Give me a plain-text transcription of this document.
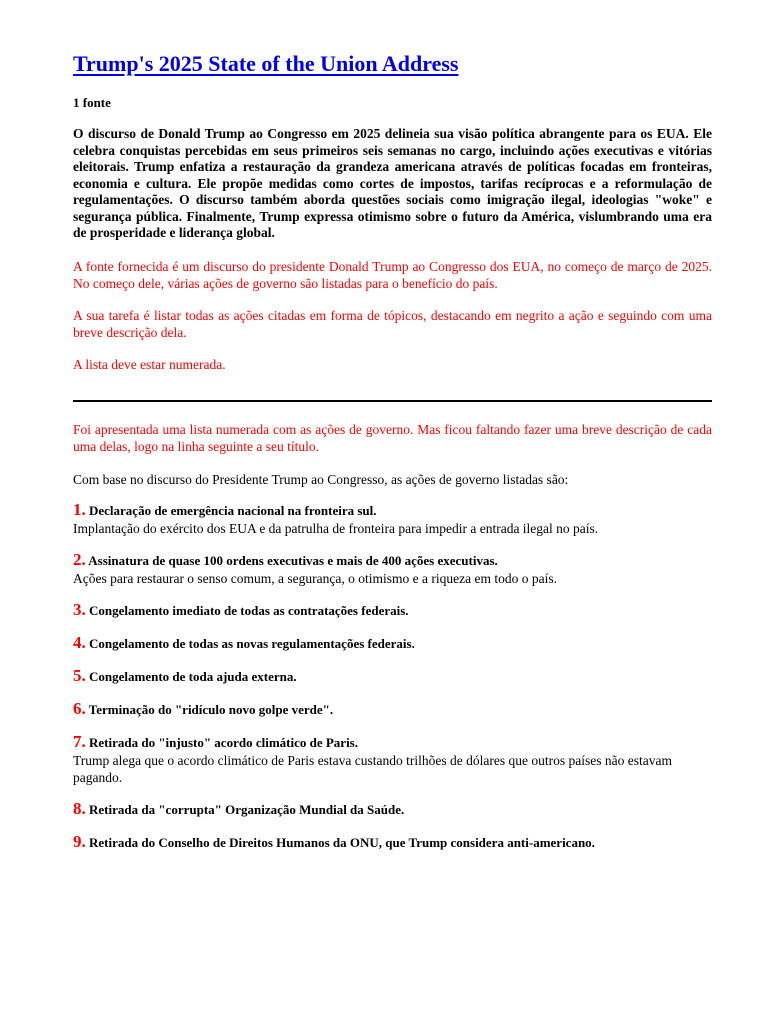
Trump's 2025 State of the Union Address
1 fonte
O discurso de Donald Trump ao Congresso em 2025 delineia sua visão política abrangente para os EUA. Ele celebra conquistas percebidas em seus primeiros seis semanas no cargo, incluindo ações executivas e vitórias eleitorais. Trump enfatiza a restauração da grandeza americana através de políticas focadas em fronteiras, economia e cultura. Ele propõe medidas como cortes de impostos, tarifas recíprocas e a reformulação de regulamentações. O discurso também aborda questões sociais como imigração ilegal, ideologias "woke" e segurança pública. Finalmente, Trump expressa otimismo sobre o futuro da América, vislumbrando uma era de prosperidade e liderança global.
A fonte fornecida é um discurso do presidente Donald Trump ao Congresso dos EUA, no começo de março de 2025. No começo dele, várias ações de governo são listadas para o benefício do país.
A sua tarefa é listar todas as ações citadas em forma de tópicos, destacando em negrito a ação e seguindo com uma breve descrição dela.
A lista deve estar numerada.
Foi apresentada uma lista numerada com as ações de governo. Mas ficou faltando fazer uma breve descrição de cada uma delas, logo na linha seguinte a seu título.
Com base no discurso do Presidente Trump ao Congresso, as ações de governo listadas são:
1. Declaração de emergência nacional na fronteira sul.
Implantação do exército dos EUA e da patrulha de fronteira para impedir a entrada ilegal no país.
2. Assinatura de quase 100 ordens executivas e mais de 400 ações executivas.
Ações para restaurar o senso comum, a segurança, o otimismo e a riqueza em todo o país.
3. Congelamento imediato de todas as contratações federais.
4. Congelamento de todas as novas regulamentações federais.
5. Congelamento de toda ajuda externa.
6. Terminação do "ridículo novo golpe verde".
7. Retirada do "injusto" acordo climático de Paris.
Trump alega que o acordo climático de Paris estava custando trilhões de dólares que outros países não estavam pagando.
8. Retirada da "corrupta" Organização Mundial da Saúde.
9. Retirada do Conselho de Direitos Humanos da ONU, que Trump considera anti-americano.
